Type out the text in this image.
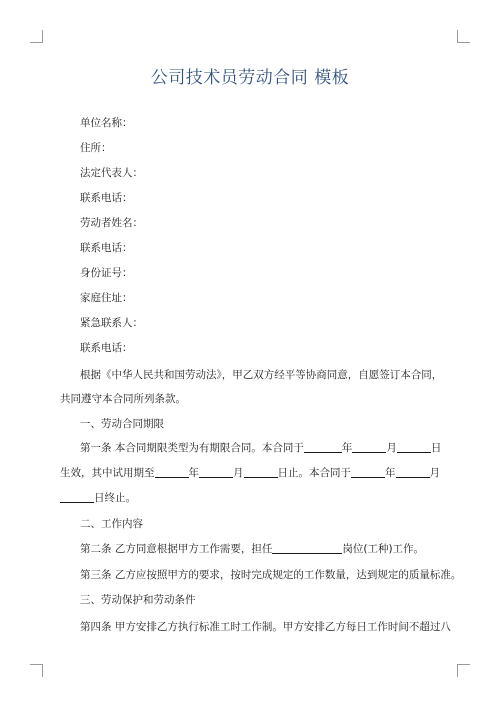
公司技术员劳动合同 模板
单位名称：
住所：
法定代表人：
联系电话：
劳动者姓名：
联系电话：
身份证号：
家庭住址：
紧急联系人：
联系电话：
根据《中华人民共和国劳动法》，甲乙双方经平等协商同意，自愿签订本合同，
共同遵守本合同所列条款。
一、劳动合同期限
第一条 本合同期限类型为有期限合同。本合同于	年	月	日
生效，其中试用期至	年	月	日止。本合同于	年	月
日终止。
二、工作内容
第二条 乙方同意根据甲方工作需要，担任	岗位(工种)工作。
第三条 乙方应按照甲方的要求，按时完成规定的工作数量，达到规定的质量标准。
三、劳动保护和劳动条件
第四条 甲方安排乙方执行标准工时工作制。甲方安排乙方每日工作时间不超过八
